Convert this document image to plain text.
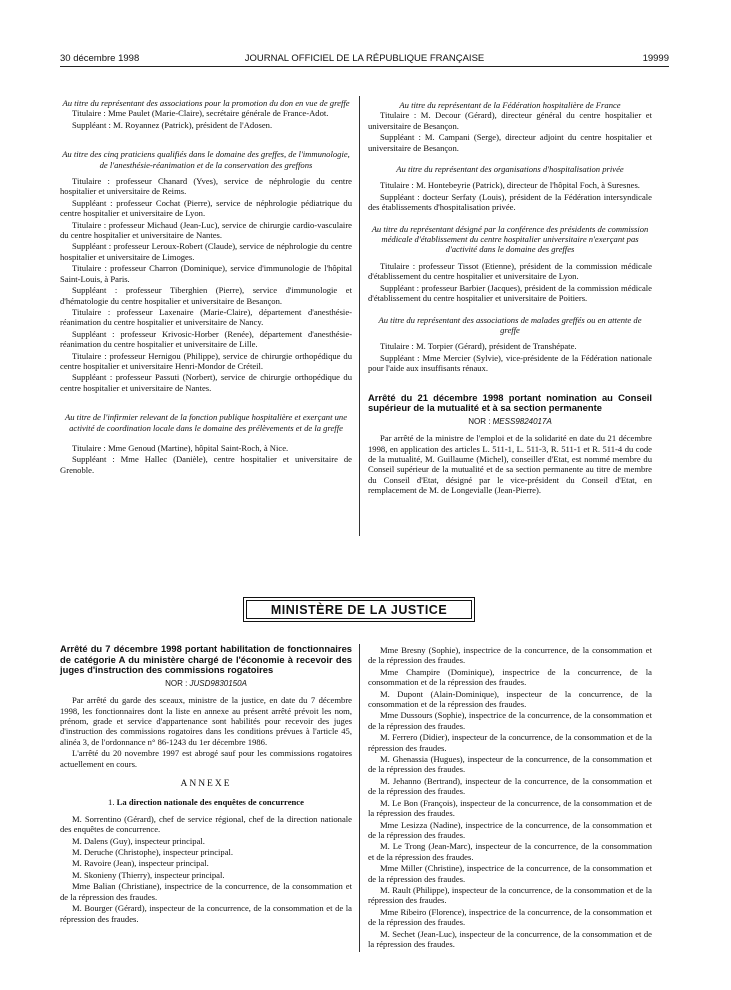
30 décembre 1998	JOURNAL OFFICIEL DE LA RÉPUBLIQUE FRANÇAISE	19999
Au titre du représentant des associations pour la promotion du don en vue de greffe
Titulaire : Mme Paulet (Marie-Claire), secrétaire générale de France-Adot.
Suppléant : M. Royannez (Patrick), président de l'Adosen.
Au titre des cinq praticiens qualifiés dans le domaine des greffes, de l'immunologie, de l'anesthésie-réanimation et de la conservation des greffons
Titulaire : professeur Chanard (Yves), service de néphrologie du centre hospitalier et universitaire de Reims.
Suppléant : professeur Cochat (Pierre), service de néphrologie pédiatrique du centre hospitalier et universitaire de Lyon.
Titulaire : professeur Michaud (Jean-Luc), service de chirurgie cardio-vasculaire du centre hospitalier et universitaire de Nantes.
Suppléant : professeur Leroux-Robert (Claude), service de néphrologie du centre hospitalier et universitaire de Limoges.
Titulaire : professeur Charron (Dominique), service d'immunologie de l'hôpital Saint-Louis, à Paris.
Suppléant : professeur Tiberghien (Pierre), service d'immunologie et d'hématologie du centre hospitalier et universitaire de Besançon.
Titulaire : professeur Laxenaire (Marie-Claire), département d'anesthésie-réanimation du centre hospitalier et universitaire de Nancy.
Suppléant : professeur Krivosic-Horber (Renée), département d'anesthésie-réanimation du centre hospitalier et universitaire de Lille.
Titulaire : professeur Hernigou (Philippe), service de chirurgie orthopédique du centre hospitalier et universitaire Henri-Mondor de Créteil.
Suppléant : professeur Passuti (Norbert), service de chirurgie orthopédique du centre hospitalier et universitaire de Nantes.
Au titre de l'infirmier relevant de la fonction publique hospitalière et exerçant une activité de coordination locale dans le domaine des prélèvements et de la greffe
Titulaire : Mme Genoud (Martine), hôpital Saint-Roch, à Nice.
Suppléant : Mme Hallec (Danièle), centre hospitalier et universitaire de Grenoble.
Au titre du représentant de la Fédération hospitalière de France
Titulaire : M. Decour (Gérard), directeur général du centre hospitalier et universitaire de Besançon.
Suppléant : M. Campani (Serge), directeur adjoint du centre hospitalier et universitaire de Besançon.
Au titre du représentant des organisations d'hospitalisation privée
Titulaire : M. Hontebeyrie (Patrick), directeur de l'hôpital Foch, à Suresnes.
Suppléant : docteur Serfaty (Louis), président de la Fédération intersyndicale des établissements d'hospitalisation privée.
Au titre du représentant désigné par la conférence des présidents de commission médicale d'établissement du centre hospitalier universitaire n'exerçant pas d'activité dans le domaine des greffes
Titulaire : professeur Tissot (Etienne), président de la commission médicale d'établissement du centre hospitalier et universitaire de Lyon.
Suppléant : professeur Barbier (Jacques), président de la commission médicale d'établissement du centre hospitalier et universitaire de Poitiers.
Au titre du représentant des associations de malades greffés ou en attente de greffe
Titulaire : M. Torpier (Gérard), président de Transhépate.
Suppléant : Mme Mercier (Sylvie), vice-présidente de la Fédération nationale pour l'aide aux insuffisants rénaux.
Arrêté du 21 décembre 1998 portant nomination au Conseil supérieur de la mutualité et à sa section permanente
NOR : MESS9824017A
Par arrêté de la ministre de l'emploi et de la solidarité en date du 21 décembre 1998, en application des articles L. 511-1, L. 511-3, R. 511-1 et R. 511-4 du code de la mutualité, M. Guillaume (Michel), conseiller d'Etat, est nommé membre du Conseil supérieur de la mutualité et de sa section permanente au titre de membre du Conseil d'Etat, désigné par le vice-président du Conseil d'Etat, en remplacement de M. de Longevialle (Jean-Pierre).
MINISTÈRE DE LA JUSTICE
Arrêté du 7 décembre 1998 portant habilitation de fonctionnaires de catégorie A du ministère chargé de l'économie à recevoir des juges d'instruction des commissions rogatoires
NOR : JUSD9830150A
Par arrêté du garde des sceaux, ministre de la justice, en date du 7 décembre 1998, les fonctionnaires dont la liste en annexe au présent arrêté prévoit les nom, prénom, grade et service d'appartenance sont habilités pour recevoir des juges d'instruction des commissions rogatoires dans les conditions prévues à l'article 45, alinéa 3, de l'ordonnance n° 86-1243 du 1er décembre 1986.
L'arrêté du 20 novembre 1997 est abrogé sauf pour les commissions rogatoires actuellement en cours.
ANNEXE
1. La direction nationale des enquêtes de concurrence
M. Sorrentino (Gérard), chef de service régional, chef de la direction nationale des enquêtes de concurrence.
M. Dalens (Guy), inspecteur principal.
M. Deruche (Christophe), inspecteur principal.
M. Ravoire (Jean), inspecteur principal.
M. Skonieny (Thierry), inspecteur principal.
Mme Balian (Christiane), inspectrice de la concurrence, de la consommation et de la répression des fraudes.
M. Bourger (Gérard), inspecteur de la concurrence, de la consommation et de la répression des fraudes.
Mme Bresny (Sophie), inspectrice de la concurrence, de la consommation et de la répression des fraudes.
Mme Champire (Dominique), inspectrice de la concurrence, de la consommation et de la répression des fraudes.
M. Dupont (Alain-Dominique), inspecteur de la concurrence, de la consommation et de la répression des fraudes.
Mme Dussours (Sophie), inspectrice de la concurrence, de la consommation et de la répression des fraudes.
M. Ferrero (Didier), inspecteur de la concurrence, de la consommation et de la répression des fraudes.
M. Ghenassia (Hugues), inspecteur de la concurrence, de la consommation et de la répression des fraudes.
M. Jehanno (Bertrand), inspecteur de la concurrence, de la consommation et de la répression des fraudes.
M. Le Bon (François), inspecteur de la concurrence, de la consommation et de la répression des fraudes.
Mme Lesizza (Nadine), inspectrice de la concurrence, de la consommation et de la répression des fraudes.
M. Le Trong (Jean-Marc), inspecteur de la concurrence, de la consommation et de la répression des fraudes.
Mme Miller (Christine), inspectrice de la concurrence, de la consommation et de la répression des fraudes.
M. Rault (Philippe), inspecteur de la concurrence, de la consommation et de la répression des fraudes.
Mme Ribeiro (Florence), inspectrice de la concurrence, de la consommation et de la répression des fraudes.
M. Sechet (Jean-Luc), inspecteur de la concurrence, de la consommation et de la répression des fraudes.
